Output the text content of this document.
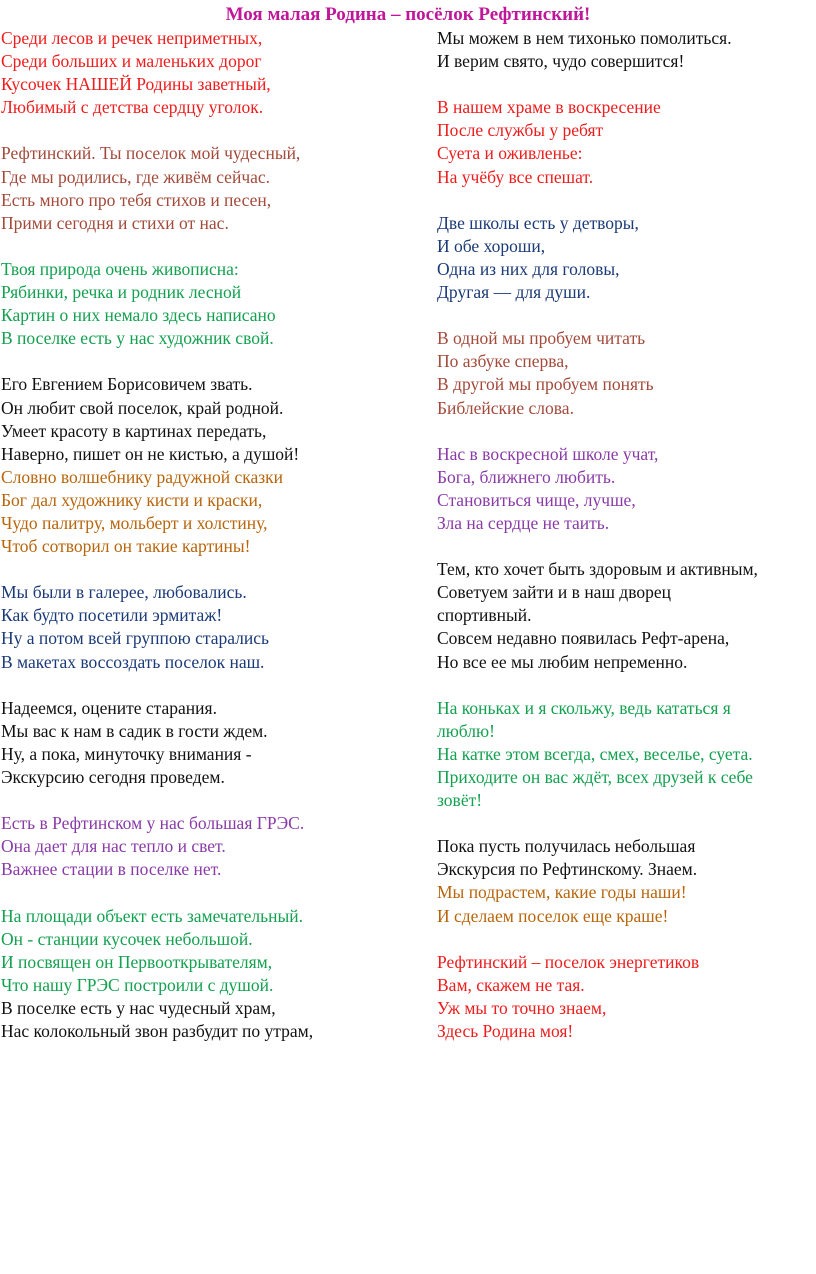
Моя малая Родина – посёлок Рефтинский!
Среди лесов и речек неприметных,
Среди больших и маленьких дорог
Кусочек НАШЕЙ Родины заветный,
Любимый с детства сердцу уголок.
Рефтинский. Ты поселок мой чудесный,
Где мы родились, где живём сейчас.
Есть много про тебя стихов и песен,
Прими сегодня и стихи от нас.
Твоя природа очень живописна:
Рябинки, речка и родник лесной
Картин о них немало здесь написано
В поселке есть у нас художник свой.
Его Евгением Борисовичем звать.
Он любит свой поселок, край родной.
Умеет красоту в картинах передать,
Наверно, пишет он не кистью, а душой!
Словно волшебнику радужной сказки
Бог дал художнику кисти и краски,
Чудо палитру, мольберт и холстину,
Чтоб сотворил он такие картины!
Мы были в галерее, любовались.
Как будто посетили эрмитаж!
Ну а потом всей группою старались
В макетах воссоздать поселок наш.
Надеемся, оцените старания.
Мы вас к нам в садик в гости ждем.
Ну, а пока, минуточку внимания -
Экскурсию сегодня проведем.
Есть в Рефтинском у нас большая ГРЭС.
Она дает для нас тепло и свет.
Важнее стации в поселке нет.
На площади объект есть замечательный.
Он - станции кусочек небольшой.
И посвящен он Первооткрывателям,
Что нашу ГРЭС построили с душой.
В поселке есть у нас чудесный храм,
Нас колокольный звон разбудит по утрам,
Мы можем в нем тихонько помолиться.
И верим свято, чудо совершится!
В нашем храме в воскресение
После службы у ребят
Суета и оживленье:
На учёбу все спешат.
Две школы есть у детворы,
И обе хороши,
Одна из них для головы,
Другая — для души.
В одной мы пробуем читать
По азбуке сперва,
В другой мы пробуем понять
Библейские слова.
Нас в воскресной школе учат,
Бога, ближнего любить.
Становиться чище, лучше,
Зла на сердце не таить.
Тем, кто хочет быть здоровым и активным,
Советуем зайти и в наш дворец
спортивный.
Совсем недавно появилась Рефт-арена,
Но все ее мы любим непременно.
На коньках и я скольжу, ведь кататься я
люблю!
На катке этом всегда, смех, веселье, суета.
Приходите он вас ждёт, всех друзей к себе
зовёт!
Пока пусть получилась небольшая
Экскурсия по Рефтинскому. Знаем.
Мы подрастем, какие годы наши!
И сделаем поселок еще краше!
Рефтинский – поселок энергетиков
Вам, скажем не тая.
Уж мы то точно знаем,
Здесь Родина моя!
